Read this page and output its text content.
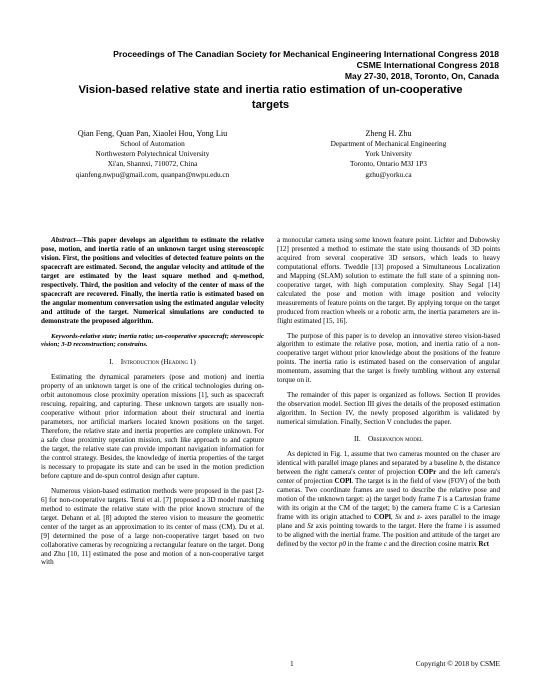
Proceedings of The Canadian Society for Mechanical Engineering International Congress 2018
CSME International Congress 2018
May 27-30, 2018, Toronto, On, Canada
Vision-based relative state and inertia ratio estimation of un-cooperative
targets
Qian Feng, Quan Pan, Xiaolei Hou, Yong Liu
School of Automation
Northwestern Polytechnical University
Xi'an, Shannxi, 710072, China
qianfeng.nwpu@gmail.com, quanpan@nwpu.edu.cn
Zheng H. Zhu
Department of Mechanical Engineering
York University
Toronto, Ontario M3J 1P3
gzhu@yorku.ca

Abstract—This paper develops an algorithm to estimate the relative pose, motion, and inertia ratio of an unknown target using stereoscopic vision. First, the positions and velocities of detected feature points on the spacecraft are estimated. Second, the angular velocity and attitude of the target are estimated by the least square method and q-method, respectively. Third, the position and velocity of the center of mass of the spacecraft are recovered. Finally, the inertia ratio is estimated based on the angular momentum conversation using the estimated angular velocity and attitude of the target. Numerical simulations are conducted to demonstrate the proposed algorithm.

Keywords-relative state; inertia ratio; un-cooperative spacecraft; stereoscopic vision; 3-D reconstruction; constrains.

I. Introduction (Heading 1)

Estimating the dynamical parameters (pose and motion) and inertia property of an unknown target is one of the critical technologies during on-orbit autonomous close proximity operation missions [1], such as spacecraft rescuing, repairing, and capturing. These unknown targets are usually non-cooperative without prior information about their structural and inertia parameters, nor artificial markers located known positions on the target. Therefore, the relative state and inertia properties are complete unknown. For a safe close proximity operation mission, such like approach to and capture the target, the relative state can provide important navigation information for the control strategy. Besides, the knowledge of inertia properties of the target is necessary to propagate its state and can be used in the motion prediction before capture and de-spun control design after capture.

Numerous vision-based estimation methods were proposed in the past [2-6] for non-cooperative targets. Terui et al. [7] proposed a 3D model matching method to estimate the relative state with the prior known structure of the target. Dehann et al. [8] adopted the stereo vision to measure the geometric center of the target as an approximation to its center of mass (CM). Du et al. [9] determined the pose of a large non-cooperative target based on two collaborative cameras by recognizing a rectangular feature on the target. Dong and Zhu [10, 11] estimated the pose and motion of a non-cooperative target with

a monocular camera using some known feature point. Lichter and Dubowsky [12] presented a method to estimate the state using thousands of 3D points acquired from several cooperative 3D sensors, which leads to heavy computational efforts. Tweddle [13] proposed a Simultaneous Localization and Mapping (SLAM) solution to estimate the full state of a spinning non-cooperative target, with high computation complexity. Shay Segal [14] calculated the pose and motion with image position and velocity measurements of feature points on the target. By applying torque on the target produced from reaction wheels or a robotic arm, the inertia parameters are in-flight estimated [15, 16].

The purpose of this paper is to develop an innovative stereo vision-based algorithm to estimate the relative pose, motion, and inertia ratio of a non-cooperative target without prior knowledge about the positions of the feature points. The inertia ratio is estimated based on the conservation of angular momentum, assuming that the target is freely tumbling without any external torque on it.

The remainder of this paper is organized as follows. Section II provides the observation model. Section III gives the details of the proposed estimation algorithm. In Section IV, the newly proposed algorithm is validated by numerical simulation. Finally, Section V concludes the paper.

II. Observation model

As depicted in Fig. 1, assume that two cameras mounted on the chaser are identical with parallel image planes and separated by a baseline b, the distance between the right camera's center of projection COPr and the left camera's center of projection COPl. The target is in the field of view (FOV) of the both cameras. Two coordinate frames are used to describe the relative pose and motion of the unknown target: a) the target body frame T is a Cartesian frame with its origin at the CM of the target; b) the camera frame C is a Cartesian frame with its origin attached to COPl, Sx and z- axes parallel to the image plane and Sz axis pointing towards to the target. Here the frame i is assumed to be aligned with the inertial frame. The position and attitude of the target are defined by the vector p0 in the frame c and the direction cosine matrix Rct

1	Copyright © 2018 by CSME
